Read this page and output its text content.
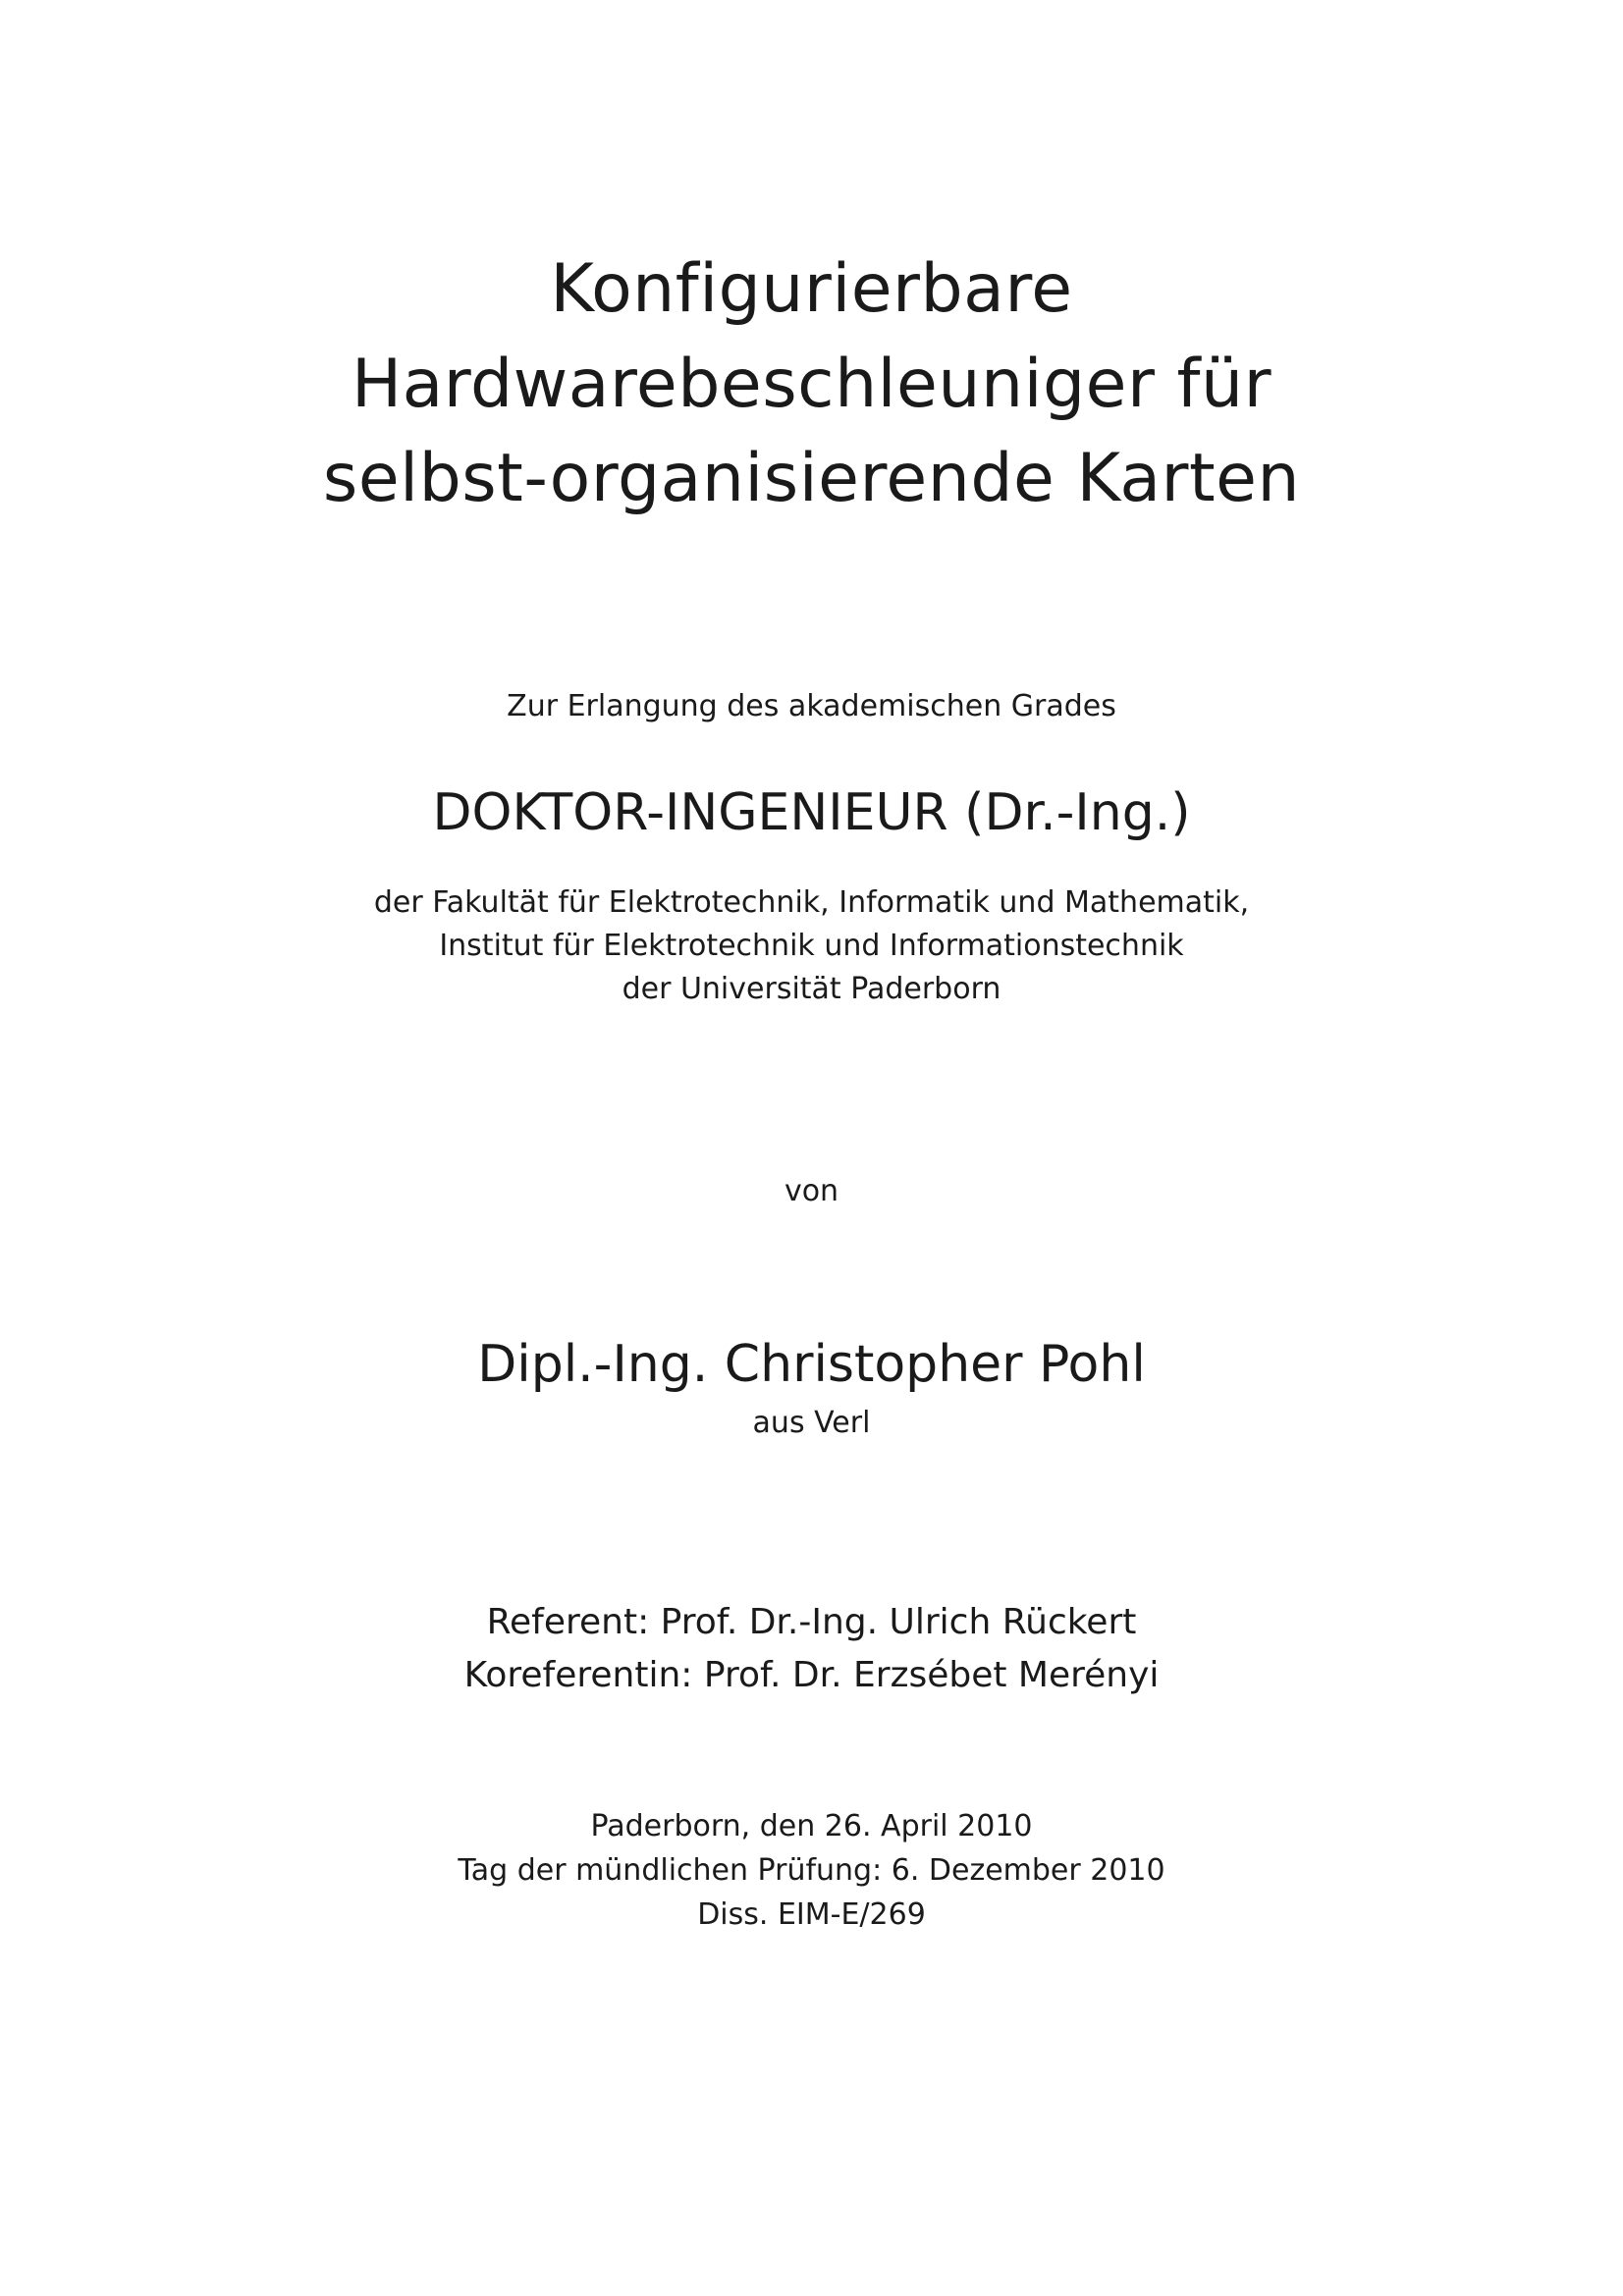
Konfigurierbare
Hardwarebeschleuniger für
selbst-organisierende Karten
Zur Erlangung des akademischen Grades
DOKTOR-INGENIEUR (Dr.-Ing.)
der Fakultät für Elektrotechnik, Informatik und Mathematik,
Institut für Elektrotechnik und Informationstechnik
der Universität Paderborn
von
Dipl.-Ing. Christopher Pohl
aus Verl
Referent: Prof. Dr.-Ing. Ulrich Rückert
Koreferentin: Prof. Dr. Erzsébet Merényi
Paderborn, den 26. April 2010
Tag der mündlichen Prüfung: 6. Dezember 2010
Diss. EIM-E/269
